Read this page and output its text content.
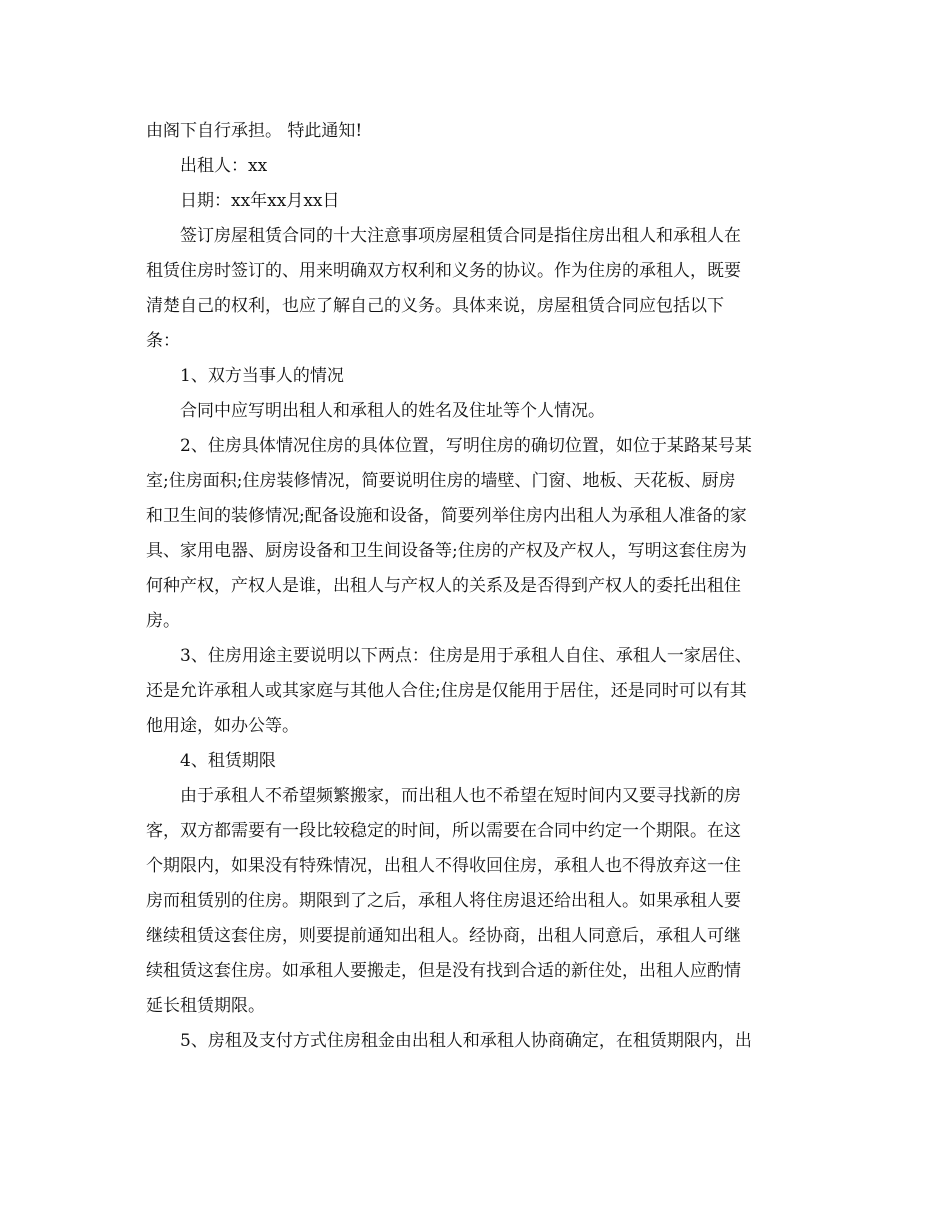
由阁下自行承担。 特此通知!
出租人：xx
日期：xx年xx月xx日
签订房屋租赁合同的十大注意事项房屋租赁合同是指住房出租人和承租人在
租赁住房时签订的、用来明确双方权利和义务的协议。作为住房的承租人，既要
清楚自己的权利，也应了解自己的义务。具体来说，房屋租赁合同应包括以下
条：
1、双方当事人的情况
合同中应写明出租人和承租人的姓名及住址等个人情况。
2、住房具体情况住房的具体位置，写明住房的确切位置，如位于某路某号某
室;住房面积;住房装修情况，简要说明住房的墙壁、门窗、地板、天花板、厨房
和卫生间的装修情况;配备设施和设备，简要列举住房内出租人为承租人准备的家
具、家用电器、厨房设备和卫生间设备等;住房的产权及产权人，写明这套住房为
何种产权，产权人是谁，出租人与产权人的关系及是否得到产权人的委托出租住
房。
3、住房用途主要说明以下两点：住房是用于承租人自住、承租人一家居住、
还是允许承租人或其家庭与其他人合住;住房是仅能用于居住，还是同时可以有其
他用途，如办公等。
4、租赁期限
由于承租人不希望频繁搬家，而出租人也不希望在短时间内又要寻找新的房
客，双方都需要有一段比较稳定的时间，所以需要在合同中约定一个期限。在这
个期限内，如果没有特殊情况，出租人不得收回住房，承租人也不得放弃这一住
房而租赁别的住房。期限到了之后，承租人将住房退还给出租人。如果承租人要
继续租赁这套住房，则要提前通知出租人。经协商，出租人同意后，承租人可继
续租赁这套住房。如承租人要搬走，但是没有找到合适的新住处，出租人应酌情
延长租赁期限。
5、房租及支付方式住房租金由出租人和承租人协商确定，在租赁期限内，出
